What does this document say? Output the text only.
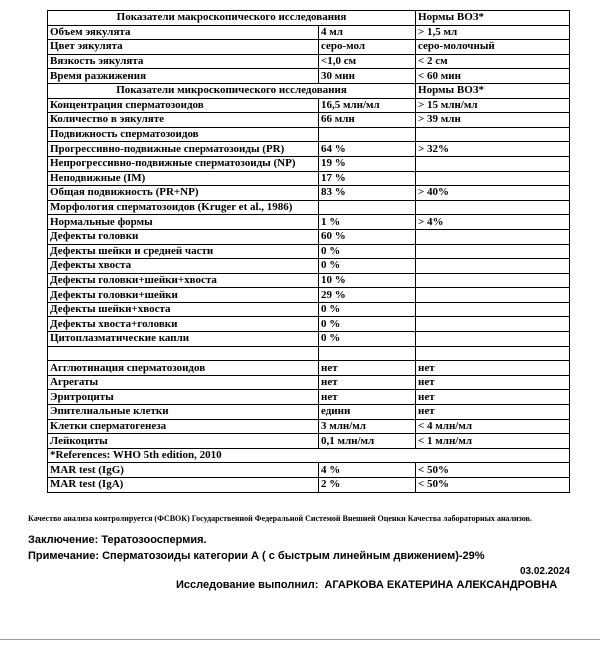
Показатели макроскопического исследования		Нормы ВОЗ*
Объем эякулята	4 мл	> 1,5 мл
Цвет эякулята	серо-мол	серо-молочный
Вязкость эякулята	<1,0 см	< 2 см
Время разжижения	30 мин	< 60 мин
Показатели микроскопического исследования		Нормы ВОЗ*
Концентрация сперматозоидов	16,5 млн/мл	> 15 млн/мл
Количество в эякуляте	66 млн	> 39 млн
Подвижность сперматозоидов		
Прогрессивно-подвижные сперматозоиды (PR)	64 %	> 32%
Непрогрессивно-подвижные сперматозоиды (NP)	19 %	
Неподвижные (IM)	17 %	
Общая подвижность (PR+NP)	83 %	> 40%
Морфология сперматозоидов (Kruger et al., 1986)		
Нормальные формы	1 %	> 4%
Дефекты головки	60 %	
Дефекты шейки и средней части	0 %	
Дефекты хвоста	0 %	
Дефекты головки+шейки+хвоста	10 %	
Дефекты головки+шейки	29 %	
Дефекты шейки+хвоста	0 %	
Дефекты хвоста+головки	0 %	
Цитоплазматические капли	0 %	

Агглютинация сперматозоидов	нет	нет
Агрегаты	нет	нет
Эритроциты	нет	нет
Эпителиальные клетки	едини	нет
Клетки сперматогенеза	3 млн/мл	< 4 млн/мл
Лейкоциты	0,1 млн/мл	< 1 млн/мл
*References: WHO 5th edition, 2010		
MAR test (IgG)	4 %	< 50%
MAR test (IgA)	2 %	< 50%
Качество анализа контролируется (ФСВОК) Государственной Федеральной Системой Внешней Оценки Качества лабораторных анализов.
Заключение: Тератозооспермия.
Примечание: Сперматозоиды категории А ( с быстрым линейным движением)-29%
03.02.2024
Исследование выполнил: АГАРКОВА ЕКАТЕРИНА АЛЕКСАНДРОВНА
